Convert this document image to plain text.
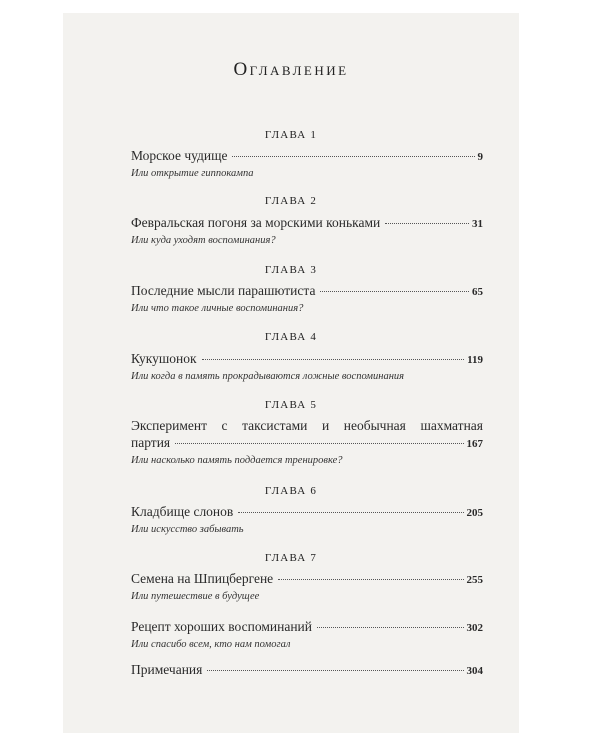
Оглавление
ГЛАВА 1
Морское чудище	9
Или открытие гиппокампа
ГЛАВА 2
Февральская погоня за морскими коньками	31
Или куда уходят воспоминания?
ГЛАВА 3
Последние мысли парашютиста	65
Или что такое личные воспоминания?
ГЛАВА 4
Кукушонок	119
Или когда в память прокрадываются ложные воспоминания
ГЛАВА 5
Эксперимент с таксистами и необычная шахматная
партия	167
Или насколько память поддается тренировке?
ГЛАВА 6
Кладбище слонов	205
Или искусство забывать
ГЛАВА 7
Семена на Шпицбергене	255
Или путешествие в будущее
Рецепт хороших воспоминаний	302
Или спасибо всем, кто нам помогал
Примечания	304
